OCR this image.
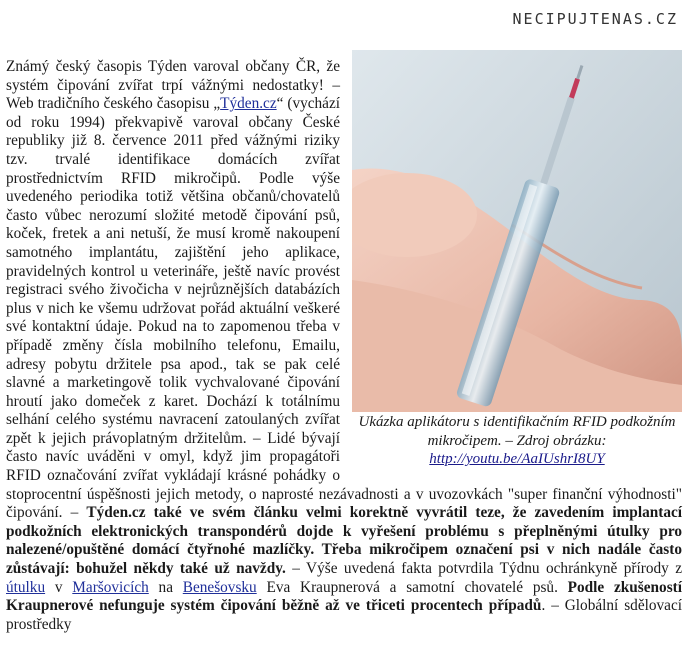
NECIPUJTENAS.CZ
Ukázka aplikátoru s identifikačním RFID podkožním mikročipem. – Zdroj obrázku:
http://youtu.be/AaIUshrI8UY
Známý český časopis Týden varoval občany ČR, že systém čipování zvířat trpí vážnými nedostatky! – Web tradičního českého časopisu „Týden.cz“ (vychází od roku 1994) překvapivě varoval občany České republiky již 8. července 2011 před vážnými riziky tzv. trvalé identifikace domácích zvířat prostřednictvím RFID mikročipů. Podle výše uvedeného periodika totiž většina občanů/chovatelů často vůbec nerozumí složité metodě čipování psů, koček, fretek a ani netuší, že musí kromě nakoupení samotného implantátu, zajištění jeho aplikace, pravidelných kontrol u veterináře, ještě navíc provést registraci svého živočicha v nejrůznějších databázích plus v nich ke všemu udržovat pořád aktuální veškeré své kontaktní údaje. Pokud na to zapomenou třeba v případě změny čísla mobilního telefonu, Emailu, adresy pobytu držitele psa apod., tak se pak celé slavné a marketingově tolik vychvalované čipování hroutí jako domeček z karet. Dochází k totálnímu selhání celého systému navracení zatoulaných zvířat zpět k jejich právoplatným držitelům. – Lidé bývají často navíc uváděni v omyl, když jim propagátoři RFID označování zvířat vykládají krásné pohádky o stoprocentní úspěšnosti jejich metody, o naprosté nezávadnosti a v uvozovkách "super finanční výhodnosti" čipování. – Týden.cz také ve svém článku velmi korektně vyvrátil teze, že zavedením implantací podkožních elektronických transpondérů dojde k vyřešení problému s přeplněnými útulky pro nalezené/opuštěné domácí čtyřnohé mazlíčky. Třeba mikročipem označení psi v nich nadále často zůstávají: bohužel někdy také už navždy. – Výše uvedená fakta potvrdila Týdnu ochránkyně přírody z útulku v Maršovicích na Benešovsku Eva Kraupnerová a samotní chovatelé psů. Podle zkušeností Kraupnerové nefunguje systém čipování běžně až ve třiceti procentech případů. – Globální sdělovací prostředky
